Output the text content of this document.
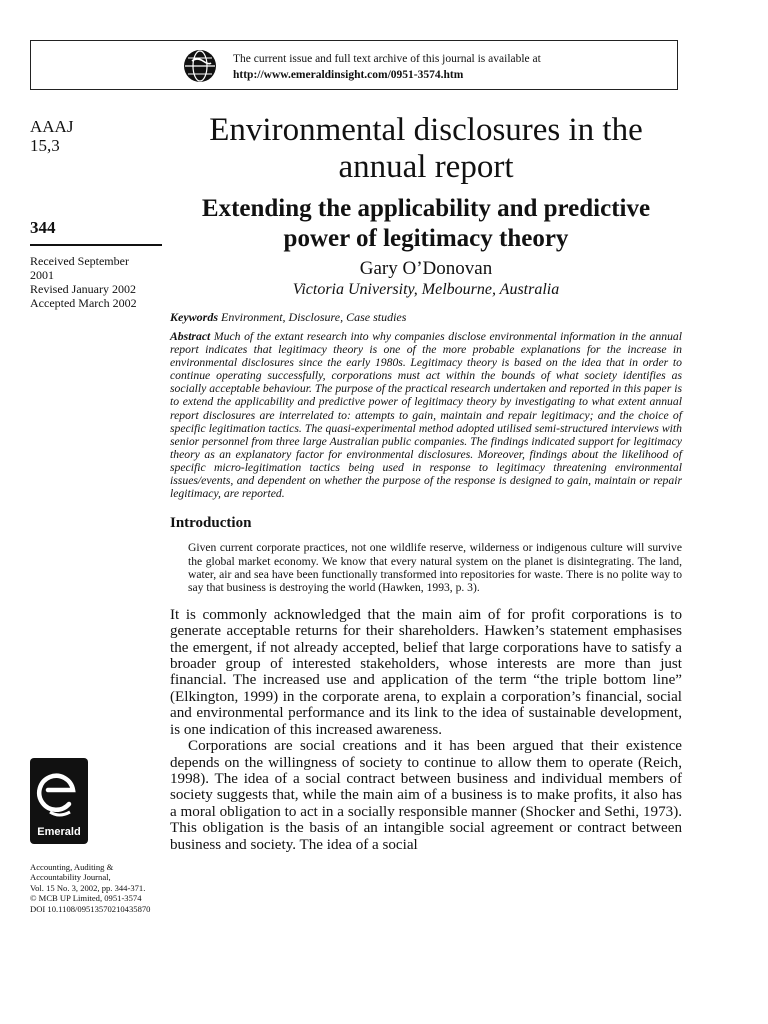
The current issue and full text archive of this journal is available at
http://www.emeraldinsight.com/0951-3574.htm
AAAJ
15,3
344
Received September
2001
Revised January 2002
Accepted March 2002
Emerald
Accounting, Auditing &
Accountability Journal,
Vol. 15 No. 3, 2002, pp. 344-371.
© MCB UP Limited, 0951-3574
DOI 10.1108/09513570210435870
Environmental disclosures in the annual report
Extending the applicability and predictive power of legitimacy theory
Gary O’Donovan
Victoria University, Melbourne, Australia
Keywords Environment, Disclosure, Case studies
Abstract Much of the extant research into why companies disclose environmental information in the annual report indicates that legitimacy theory is one of the more probable explanations for the increase in environmental disclosures since the early 1980s. Legitimacy theory is based on the idea that in order to continue operating successfully, corporations must act within the bounds of what society identifies as socially acceptable behaviour. The purpose of the practical research undertaken and reported in this paper is to extend the applicability and predictive power of legitimacy theory by investigating to what extent annual report disclosures are interrelated to: attempts to gain, maintain and repair legitimacy; and the choice of specific legitimation tactics. The quasi-experimental method adopted utilised semi-structured interviews with senior personnel from three large Australian public companies. The findings indicated support for legitimacy theory as an explanatory factor for environmental disclosures. Moreover, findings about the likelihood of specific micro-legitimation tactics being used in response to legitimacy threatening environmental issues/events, and dependent on whether the purpose of the response is designed to gain, maintain or repair legitimacy, are reported.
Introduction
Given current corporate practices, not one wildlife reserve, wilderness or indigenous culture will survive the global market economy. We know that every natural system on the planet is disintegrating. The land, water, air and sea have been functionally transformed into repositories for waste. There is no polite way to say that business is destroying the world (Hawken, 1993, p. 3).
It is commonly acknowledged that the main aim of for profit corporations is to generate acceptable returns for their shareholders. Hawken’s statement emphasises the emergent, if not already accepted, belief that large corporations have to satisfy a broader group of interested stakeholders, whose interests are more than just financial. The increased use and application of the term “the triple bottom line” (Elkington, 1999) in the corporate arena, to explain a corporation’s financial, social and environmental performance and its link to the idea of sustainable development, is one indication of this increased awareness.
Corporations are social creations and it has been argued that their existence depends on the willingness of society to continue to allow them to operate (Reich, 1998). The idea of a social contract between business and individual members of society suggests that, while the main aim of a business is to make profits, it also has a moral obligation to act in a socially responsible manner (Shocker and Sethi, 1973). This obligation is the basis of an intangible social agreement or contract between business and society. The idea of a social
